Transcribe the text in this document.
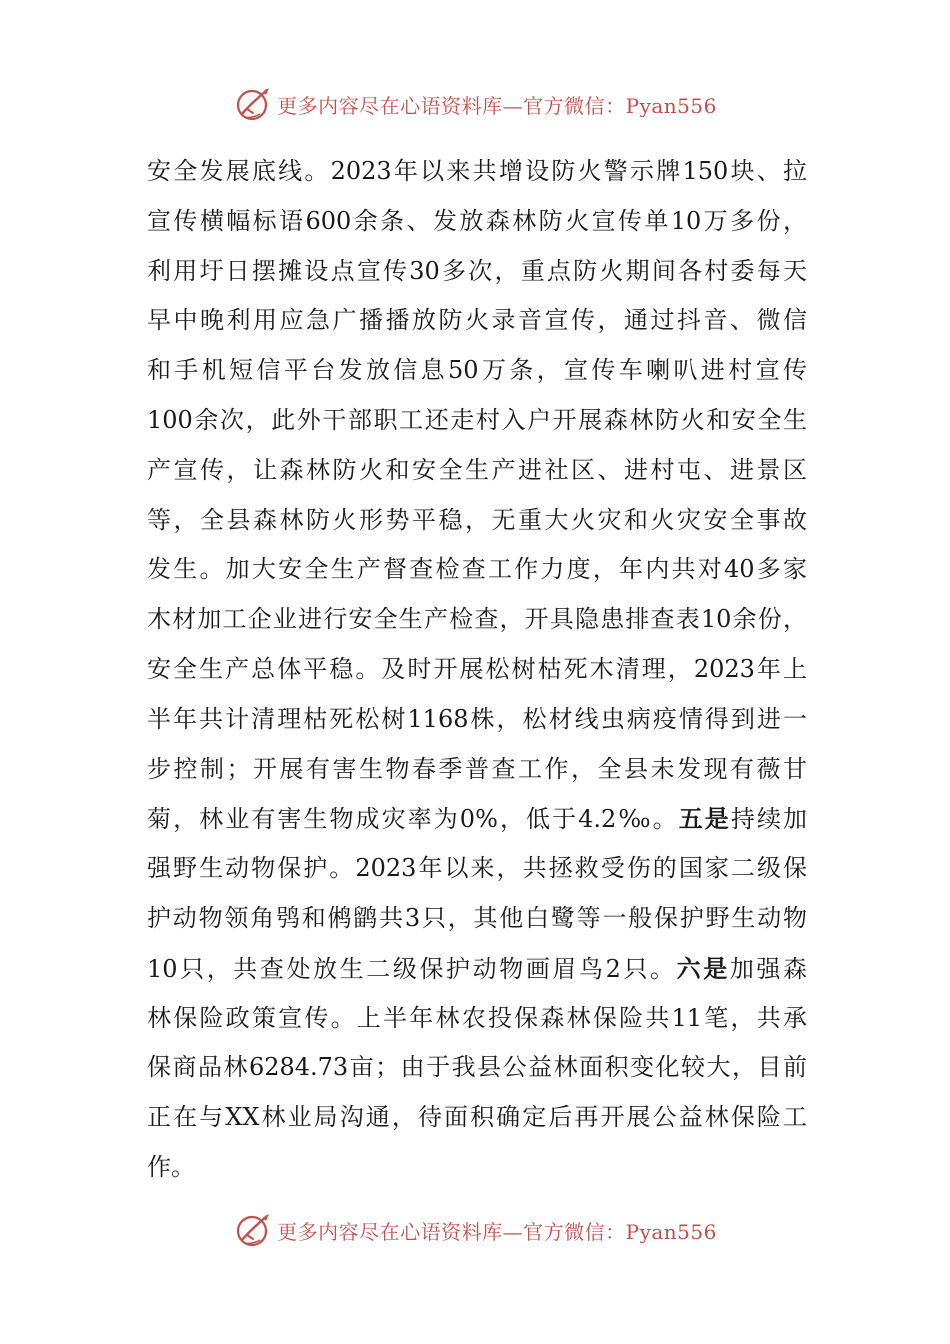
更多内容尽在心语资料库—官方微信：Pyan556
安全发展底线。2023年以来共增设防火警示牌150块、拉
宣传横幅标语600余条、发放森林防火宣传单10万多份，
利用圩日摆摊设点宣传30多次，重点防火期间各村委每天
早中晚利用应急广播播放防火录音宣传，通过抖音、微信
和手机短信平台发放信息50万条，宣传车喇叭进村宣传
100余次，此外干部职工还走村入户开展森林防火和安全生
产宣传，让森林防火和安全生产进社区、进村屯、进景区
等，全县森林防火形势平稳，无重大火灾和火灾安全事故
发生。加大安全生产督查检查工作力度，年内共对40多家
木材加工企业进行安全生产检查，开具隐患排查表10余份，
安全生产总体平稳。及时开展松树枯死木清理，2023年上
半年共计清理枯死松树1168株，松材线虫病疫情得到进一
步控制；开展有害生物春季普查工作，全县未发现有薇甘
菊，林业有害生物成灾率为0%，低于4.2‰。五是持续加
强野生动物保护。2023年以来，共拯救受伤的国家二级保
护动物领角鸮和鸺鹠共3只，其他白鹭等一般保护野生动物
10只，共查处放生二级保护动物画眉鸟2只。六是加强森
林保险政策宣传。上半年林农投保森林保险共11笔，共承
保商品林6284.73亩；由于我县公益林面积变化较大，目前
正在与XX林业局沟通，待面积确定后再开展公益林保险工
作。
更多内容尽在心语资料库—官方微信：Pyan556
